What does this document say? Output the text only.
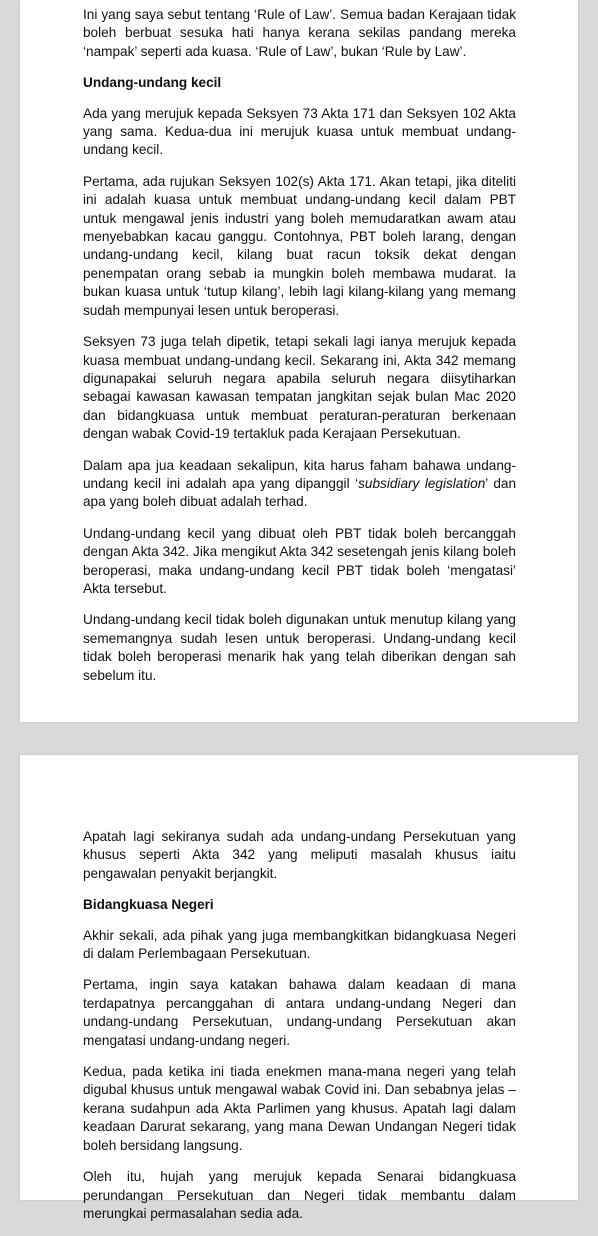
Ini yang saya sebut tentang ‘Rule of Law’. Semua badan Kerajaan tidak boleh berbuat sesuka hati hanya kerana sekilas pandang mereka ‘nampak’ seperti ada kuasa. ‘Rule of Law’, bukan ‘Rule by Law’.

Undang-undang kecil

Ada yang merujuk kepada Seksyen 73 Akta 171 dan Seksyen 102 Akta yang sama. Kedua-dua ini merujuk kuasa untuk membuat undang-undang kecil.

Pertama, ada rujukan Seksyen 102(s) Akta 171. Akan tetapi, jika diteliti ini adalah kuasa untuk membuat undang-undang kecil dalam PBT untuk mengawal jenis industri yang boleh memudaratkan awam atau menyebabkan kacau ganggu. Contohnya, PBT boleh larang, dengan undang-undang kecil, kilang buat racun toksik dekat dengan penempatan orang sebab ia mungkin boleh membawa mudarat. Ia bukan kuasa untuk ‘tutup kilang’, lebih lagi kilang-kilang yang memang sudah mempunyai lesen untuk beroperasi.

Seksyen 73 juga telah dipetik, tetapi sekali lagi ianya merujuk kepada kuasa membuat undang-undang kecil. Sekarang ini, Akta 342 memang digunapakai seluruh negara apabila seluruh negara diisytiharkan sebagai kawasan kawasan tempatan jangkitan sejak bulan Mac 2020 dan bidangkuasa untuk membuat peraturan-peraturan berkenaan dengan wabak Covid-19 tertakluk pada Kerajaan Persekutuan.

Dalam apa jua keadaan sekalipun, kita harus faham bahawa undang-undang kecil ini adalah apa yang dipanggil ‘subsidiary legislation’ dan apa yang boleh dibuat adalah terhad.

Undang-undang kecil yang dibuat oleh PBT tidak boleh bercanggah dengan Akta 342. Jika mengikut Akta 342 sesetengah jenis kilang boleh beroperasi, maka undang-undang kecil PBT tidak boleh ‘mengatasi’ Akta tersebut.

Undang-undang kecil tidak boleh digunakan untuk menutup kilang yang sememangnya sudah lesen untuk beroperasi. Undang-undang kecil tidak boleh beroperasi menarik hak yang telah diberikan dengan sah sebelum itu.

Apatah lagi sekiranya sudah ada undang-undang Persekutuan yang khusus seperti Akta 342 yang meliputi masalah khusus iaitu pengawalan penyakit berjangkit.

Bidangkuasa Negeri

Akhir sekali, ada pihak yang juga membangkitkan bidangkuasa Negeri di dalam Perlembagaan Persekutuan.

Pertama, ingin saya katakan bahawa dalam keadaan di mana terdapatnya percanggahan di antara undang-undang Negeri dan undang-undang Persekutuan, undang-undang Persekutuan akan mengatasi undang-undang negeri.

Kedua, pada ketika ini tiada enekmen mana-mana negeri yang telah digubal khusus untuk mengawal wabak Covid ini. Dan sebabnya jelas – kerana sudahpun ada Akta Parlimen yang khusus. Apatah lagi dalam keadaan Darurat sekarang, yang mana Dewan Undangan Negeri tidak boleh bersidang langsung.

Oleh itu, hujah yang merujuk kepada Senarai bidangkuasa perundangan Persekutuan dan Negeri tidak membantu dalam merungkai permasalahan sedia ada.
